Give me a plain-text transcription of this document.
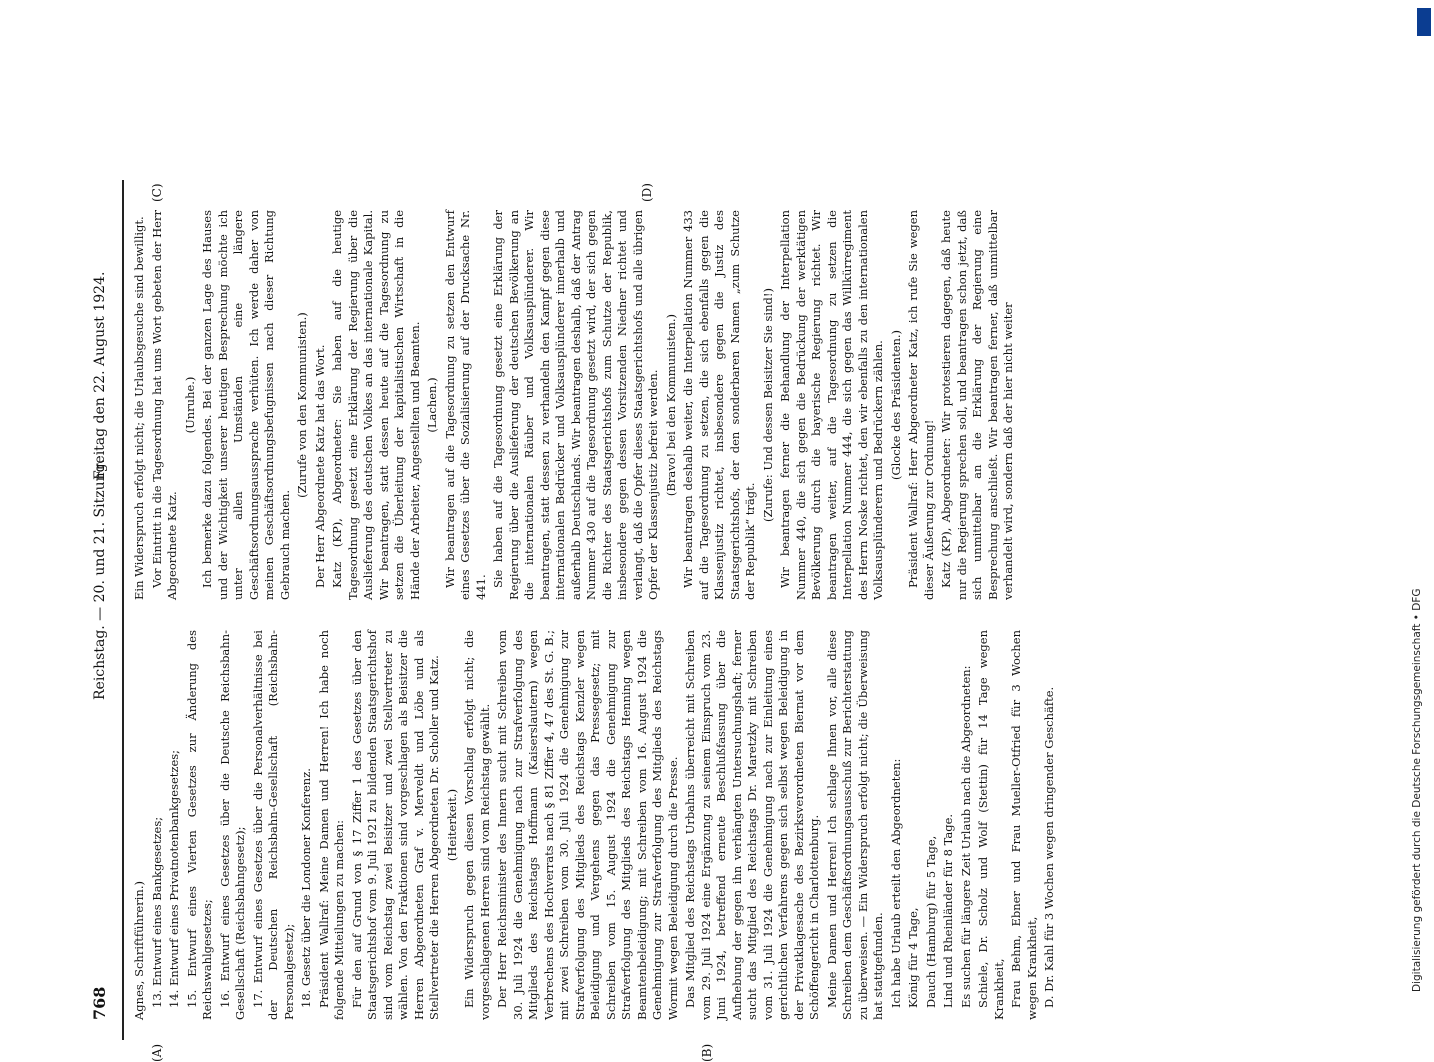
768
Reichstag. — 20. und 21. Sitzung.
Freitag den 22. August 1924.
(A)	(B)
(C)	(D)

Agnes, Schriftführerin.) 13. Entwurf eines Bankgesetzes; 14. Entwurf eines Privatnotenbankgesetzes; 15. Entwurf eines Vierten Gesetzes zur Änderung des Reichswahlgesetzes; 16. Entwurf eines Gesetzes über die Deutsche Reichsbahn-Gesellschaft (Reichsbahngesetz); 17. Entwurf eines Gesetzes über die Personalverhältnisse bei der Deutschen Reichsbahn-Gesellschaft (Reichsbahn-Personalgesetz); 18. Gesetz über die Londoner Konferenz. Präsident Wallraf: Meine Damen und Herren! Ich habe noch folgende Mitteilungen zu machen: Für den auf Grund von § 17 Ziffer 1 des Gesetzes über den Staatsgerichtshof vom 9. Juli 1921 zu bildenden Staatsgerichtshof sind vom Reichstag zwei Beisitzer und zwei Stellvertreter zu wählen. Von den Fraktionen sind vorgeschlagen als Beisitzer die Herren Abgeordneten Graf v. Merveldt und Löbe und als Stellvertreter die Herren Abgeordneten Dr. Scholler und Katz. (Heiterkeit.) Ein Widerspruch gegen diesen Vorschlag erfolgt nicht; die vorgeschlagenen Herren sind vom Reichstag gewählt. Der Herr Reichsminister des Innern sucht mit Schreiben vom 30. Juli 1924 die Genehmigung nach zur Strafverfolgung des Mitglieds des Reichstags Hoffmann (Kaiserslautern) wegen Verbrechens des Hochverrats nach § 81 Ziffer 4, 47 des St. G. B.; mit zwei Schreiben vom 30. Juli 1924 die Genehmigung zur Strafverfolgung des Mitglieds des Reichstags Kenzler wegen Beleidigung und Vergehens gegen das Pressegesetz; mit Schreiben vom 15. August 1924 die Genehmigung zur Strafverfolgung des Mitglieds des Reichstags Henning wegen Beamtenbeleidigung; mit Schreiben vom 16. August 1924 die Genehmigung zur Strafverfolgung des Mitglieds des Reichstags Wormit wegen Beleidigung durch die Presse. Das Mitglied des Reichstags Urbahns überreicht mit Schreiben vom 29. Juli 1924 eine Ergänzung zu seinem Einspruch vom 23. Juni 1924, betreffend erneute Beschlußfassung über die Aufhebung der gegen ihn verhängten Untersuchungshaft; ferner sucht das Mitglied des Reichstags Dr. Maretzky mit Schreiben vom 31. Juli 1924 die Genehmigung nach zur Einleitung eines gerichtlichen Verfahrens gegen sich selbst wegen Beleidigung in der Privatklagesache des Bezirksverordneten Biernat vor dem Schöffengericht in Charlottenburg. Meine Damen und Herren! Ich schlage Ihnen vor, alle diese Schreiben dem Geschäftsordnungsausschuß zur Berichterstattung zu überweisen. — Ein Widerspruch erfolgt nicht; die Überweisung hat stattgefunden. Ich habe Urlaub erteilt den Abgeordneten: König für 4 Tage, Dauch (Hamburg) für 5 Tage, Lind und Rheinländer für 8 Tage. Es suchen für längere Zeit Urlaub nach die Abgeordneten: Schiele, Dr. Scholz und Wolf (Stettin) für 14 Tage wegen Krankheit, Frau Behm, Ebner und Frau Mueller-Otfried für 3 Wochen wegen Krankheit, D. Dr. Kahl für 3 Wochen wegen dringender Geschäfte.

Ein Widerspruch erfolgt nicht; die Urlaubsgesuche sind bewilligt. Vor Eintritt in die Tagesordnung hat ums Wort gebeten der Herr Abgeordnete Katz.

(Unruhe.) Ich bemerke dazu folgendes. Bei der ganzen Lage des Hauses und der Wichtigkeit unserer heutigen Besprechung möchte ich unter allen Umständen eine längere Geschäftsordnungsaussprache verhüten. Ich werde daher von meinen Geschäftsordnungsbefugnissen nach dieser Richtung Gebrauch machen.

(Zurufe von den Kommunisten.) Der Herr Abgeordnete Katz hat das Wort. Katz (KP), Abgeordneter: Sie haben auf die heutige Tagesordnung gesetzt eine Erklärung der Regierung über die Auslieferung des deutschen Volkes an das internationale Kapital. Wir beantragen, statt dessen heute auf die Tagesordnung zu setzen die Überleitung der kapitalistischen Wirtschaft in die Hände der Arbeiter, Angestellten und Beamten. (Lachen.) Wir beantragen auf die Tagesordnung zu setzen den Entwurf eines Gesetzes über die Sozialisierung auf der Drucksache Nr. 441. Sie haben auf die Tagesordnung gesetzt eine Erklärung der Regierung über die Auslieferung der deutschen Bevölkerung an die internationalen Räuber und Volksausplünderer. Wir beantragen, statt dessen zu verhandeln den Kampf gegen diese internationalen Bedrücker und Volksausplünderer innerhalb und außerhalb Deutschlands. Wir beantragen deshalb, daß der Antrag Nummer 430 auf die Tagesordnung gesetzt wird, der sich gegen die Richter des Staatsgerichtshofs zum Schutze der Republik, insbesondere gegen dessen Vorsitzenden Niedner richtet und verlangt, daß die Opfer dieses Staatsgerichtshofs und alle übrigen Opfer der Klassenjustiz befreit werden. (Bravo! bei den Kommunisten.) Wir beantragen deshalb weiter, die Interpellation Nummer 433 auf die Tagesordnung zu setzen, die sich ebenfalls gegen die Klassenjustiz richtet, insbesondere gegen die Justiz des Staatsgerichtshofs, der den sonderbaren Namen „zum Schutze der Republik“ trägt.

(Zurufe: Und dessen Beisitzer Sie sind!) Wir beantragen ferner die Behandlung der Interpellation Nummer 440, die sich gegen die Bedrückung der werktätigen Bevölkerung durch die bayerische Regierung richtet. Wir beantragen weiter, auf die Tagesordnung zu setzen die Interpellation Nummer 444, die sich gegen das Willkürregiment des Herrn Noske richtet, den wir ebenfalls zu den internationalen Volksausplünderern und Bedrückern zählen. (Glocke des Präsidenten.) Präsident Wallraf: Herr Abgeordneter Katz, ich rufe Sie wegen dieser Äußerung zur Ordnung! Katz (KP), Abgeordneter: Wir protestieren dagegen, daß heute nur die Regierung sprechen soll, und beantragen schon jetzt, daß sich unmittelbar an die Erklärung der Regierung eine Besprechung anschließt. Wir beantragen ferner, daß unmittelbar verhandelt wird, sondern daß der hier nicht weiter

Digitalisierung gefördert durch die Deutsche Forschungsgemeinschaft • DFG
